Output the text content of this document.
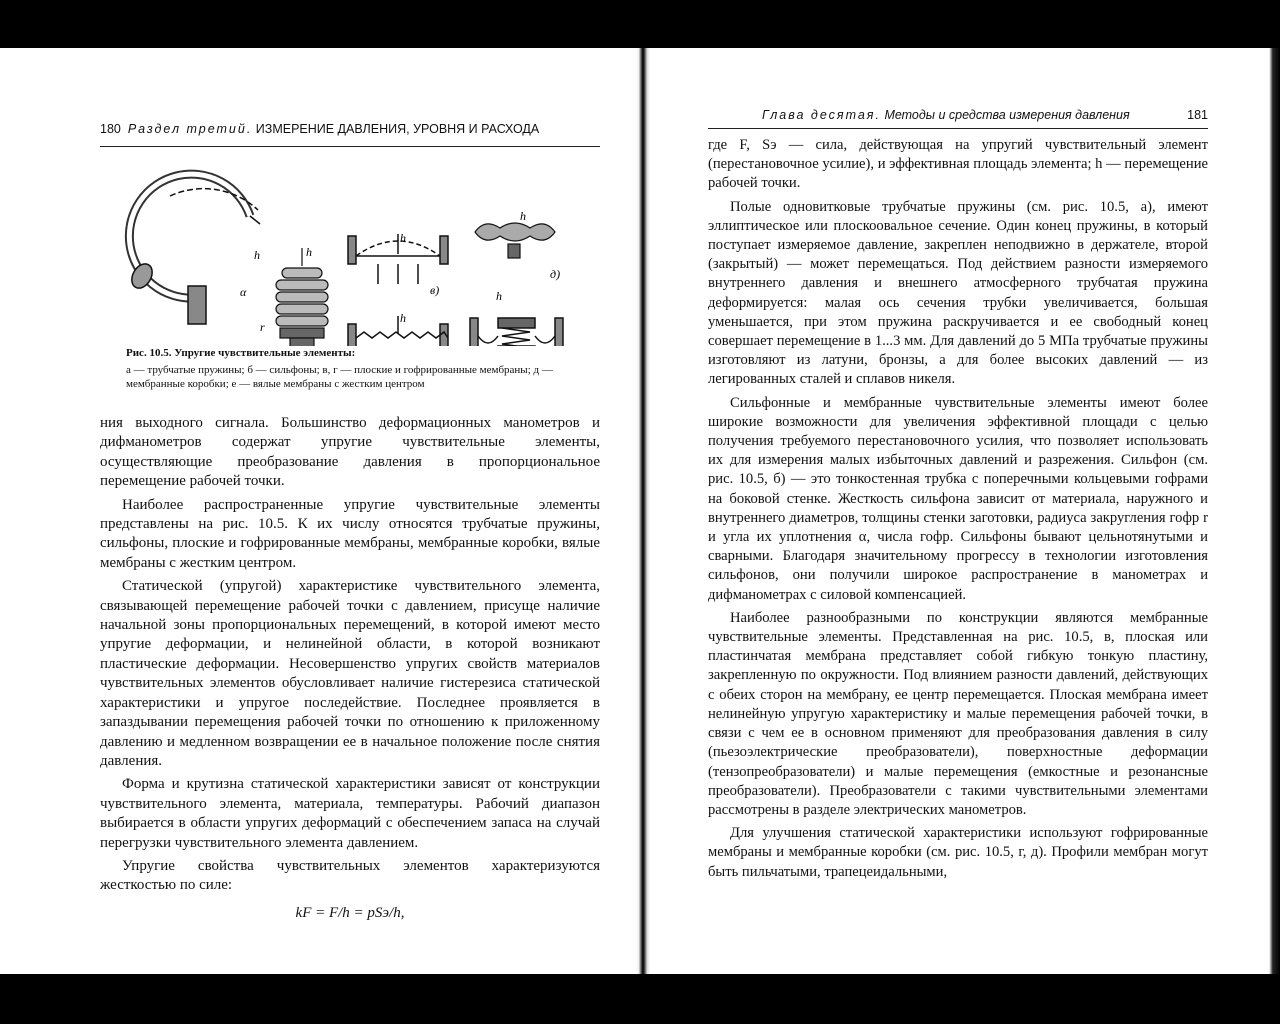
180 Раздел третий. ИЗМЕРЕНИЕ ДАВЛЕНИЯ, УРОВНЯ И РАСХОДА
h
α
h
r
h
в)
h
h
д)
h
Рис. 10.5. Упругие чувствительные элементы:
а — трубчатые пружины; б — сильфоны; в, г — плоские и гофрированные мембраны; д — мембранные коробки; е — вялые мембраны с жестким центром

ния выходного сигнала. Большинство деформационных манометров и дифманометров содержат упругие чувствительные элементы, осуществляющие преобразование давления в пропорциональное перемещение рабочей точки.

Наиболее распространенные упругие чувствительные элементы представлены на рис. 10.5. К их числу относятся трубчатые пружины, сильфоны, плоские и гофрированные мембраны, мембранные коробки, вялые мембраны с жестким центром.

Статической (упругой) характеристике чувствительного элемента, связывающей перемещение рабочей точки с давлением, присуще наличие начальной зоны пропорциональных перемещений, в которой имеют место упругие деформации, и нелинейной области, в которой возникают пластические деформации. Несовершенство упругих свойств материалов чувствительных элементов обусловливает наличие гистерезиса статической характеристики и упругое последействие. Последнее проявляется в запаздывании перемещения рабочей точки по отношению к приложенному давлению и медленном возвращении ее в начальное положение после снятия давления.

Форма и крутизна статической характеристики зависят от конструкции чувствительного элемента, материала, температуры. Рабочий диапазон выбирается в области упругих деформаций с обеспечением запаса на случай перегрузки чувствительного элемента давлением.

Упругие свойства чувствительных элементов характеризуются жесткостью по силе:

kF = F/h = pSэ/h,
Глава десятая. Методы и средства измерения давления	181

где F, Sэ — сила, действующая на упругий чувствительный элемент (перестановочное усилие), и эффективная площадь элемента; h — перемещение рабочей точки.

Полые одновитковые трубчатые пружины (см. рис. 10.5, а), имеют эллиптическое или плоскоовальное сечение. Один конец пружины, в который поступает измеряемое давление, закреплен неподвижно в держателе, второй (закрытый) — может перемещаться. Под действием разности измеряемого внутреннего давления и внешнего атмосферного трубчатая пружина деформируется: малая ось сечения трубки увеличивается, большая уменьшается, при этом пружина раскручивается и ее свободный конец совершает перемещение в 1...3 мм. Для давлений до 5 МПа трубчатые пружины изготовляют из латуни, бронзы, а для более высоких давлений — из легированных сталей и сплавов никеля.

Сильфонные и мембранные чувствительные элементы имеют более широкие возможности для увеличения эффективной площади с целью получения требуемого перестановочного усилия, что позволяет использовать их для измерения малых избыточных давлений и разрежения. Сильфон (см. рис. 10.5, б) — это тонкостенная трубка с поперечными кольцевыми гофрами на боковой стенке. Жесткость сильфона зависит от материала, наружного и внутреннего диаметров, толщины стенки заготовки, радиуса закругления гофр r и угла их уплотнения α, числа гофр. Сильфоны бывают цельнотянутыми и сварными. Благодаря значительному прогрессу в технологии изготовления сильфонов, они получили широкое распространение в манометрах и дифманометрах с силовой компенсацией.

Наиболее разнообразными по конструкции являются мембранные чувствительные элементы. Представленная на рис. 10.5, в, плоская или пластинчатая мембрана представляет собой гибкую тонкую пластину, закрепленную по окружности. Под влиянием разности давлений, действующих с обеих сторон на мембрану, ее центр перемещается. Плоская мембрана имеет нелинейную упругую характеристику и малые перемещения рабочей точки, в связи с чем ее в основном применяют для преобразования давления в силу (пьезоэлектрические преобразователи), поверхностные деформации (тензопреобразователи) и малые перемещения (емкостные и резонансные преобразователи). Преобразователи с такими чувствительными элементами рассмотрены в разделе электрических манометров.

Для улучшения статической характеристики используют гофрированные мембраны и мембранные коробки (см. рис. 10.5, г, д). Профили мембран могут быть пильчатыми, трапецеидальными,
